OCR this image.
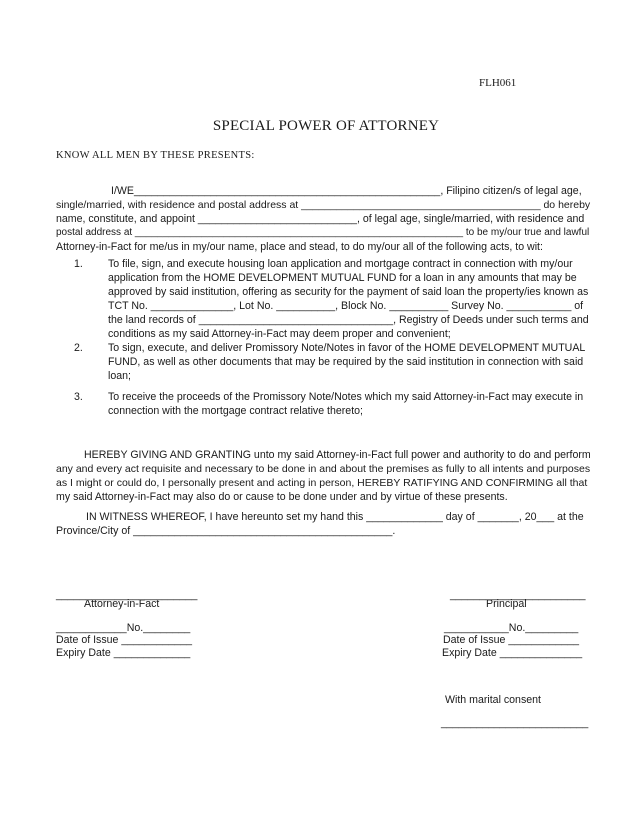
FLH061
SPECIAL POWER OF ATTORNEY
KNOW ALL MEN BY THESE PRESENTS:
I/WE____________________________________________________, Filipino citizen/s of legal age,
single/married, with residence and postal address at _________________________________________ do hereby
name, constitute, and appoint ___________________________, of legal age, single/married, with residence and
postal address at ___________________________________________________________ to be my/our true and lawful
Attorney-in-Fact for me/us in my/our name, place and stead, to do my/our all of the following acts, to wit:
1. To file, sign, and execute housing loan application and mortgage contract in connection with my/our
application from the HOME DEVELOPMENT MUTUAL FUND for a loan in any amounts that may be
approved by said institution, offering as security for the payment of said loan the property/ies known as
TCT No. ______________, Lot No. __________, Block No. __________ Survey No. ___________ of
the land records of _________________________________, Registry of Deeds under such terms and
conditions as my said Attorney-in-Fact may deem proper and convenient;
2. To sign, execute, and deliver Promissory Note/Notes in favor of the HOME DEVELOPMENT MUTUAL
FUND, as well as other documents that may be required by the said institution in connection with said
loan;
3. To receive the proceeds of the Promissory Note/Notes which my said Attorney-in-Fact may execute in
connection with the mortgage contract relative thereto;
HEREBY GIVING AND GRANTING unto my said Attorney-in-Fact full power and authority to do and perform
any and every act requisite and necessary to be done in and about the premises as fully to all intents and purposes
as I might or could do, I personally present and acting in person, HEREBY RATIFYING AND CONFIRMING all that
my said Attorney-in-Fact may also do or cause to be done under and by virtue of these presents.
IN WITNESS WHEREOF, I have hereunto set my hand this _____________ day of _______, 20___ at the
Province/City of ____________________________________________.
________________________
Attorney-in-Fact
____________No.________
Date of Issue ____________
Expiry Date _____________
_______________________
Principal
___________No._________
Date of Issue ____________
Expiry Date ______________
With marital consent
_________________________
